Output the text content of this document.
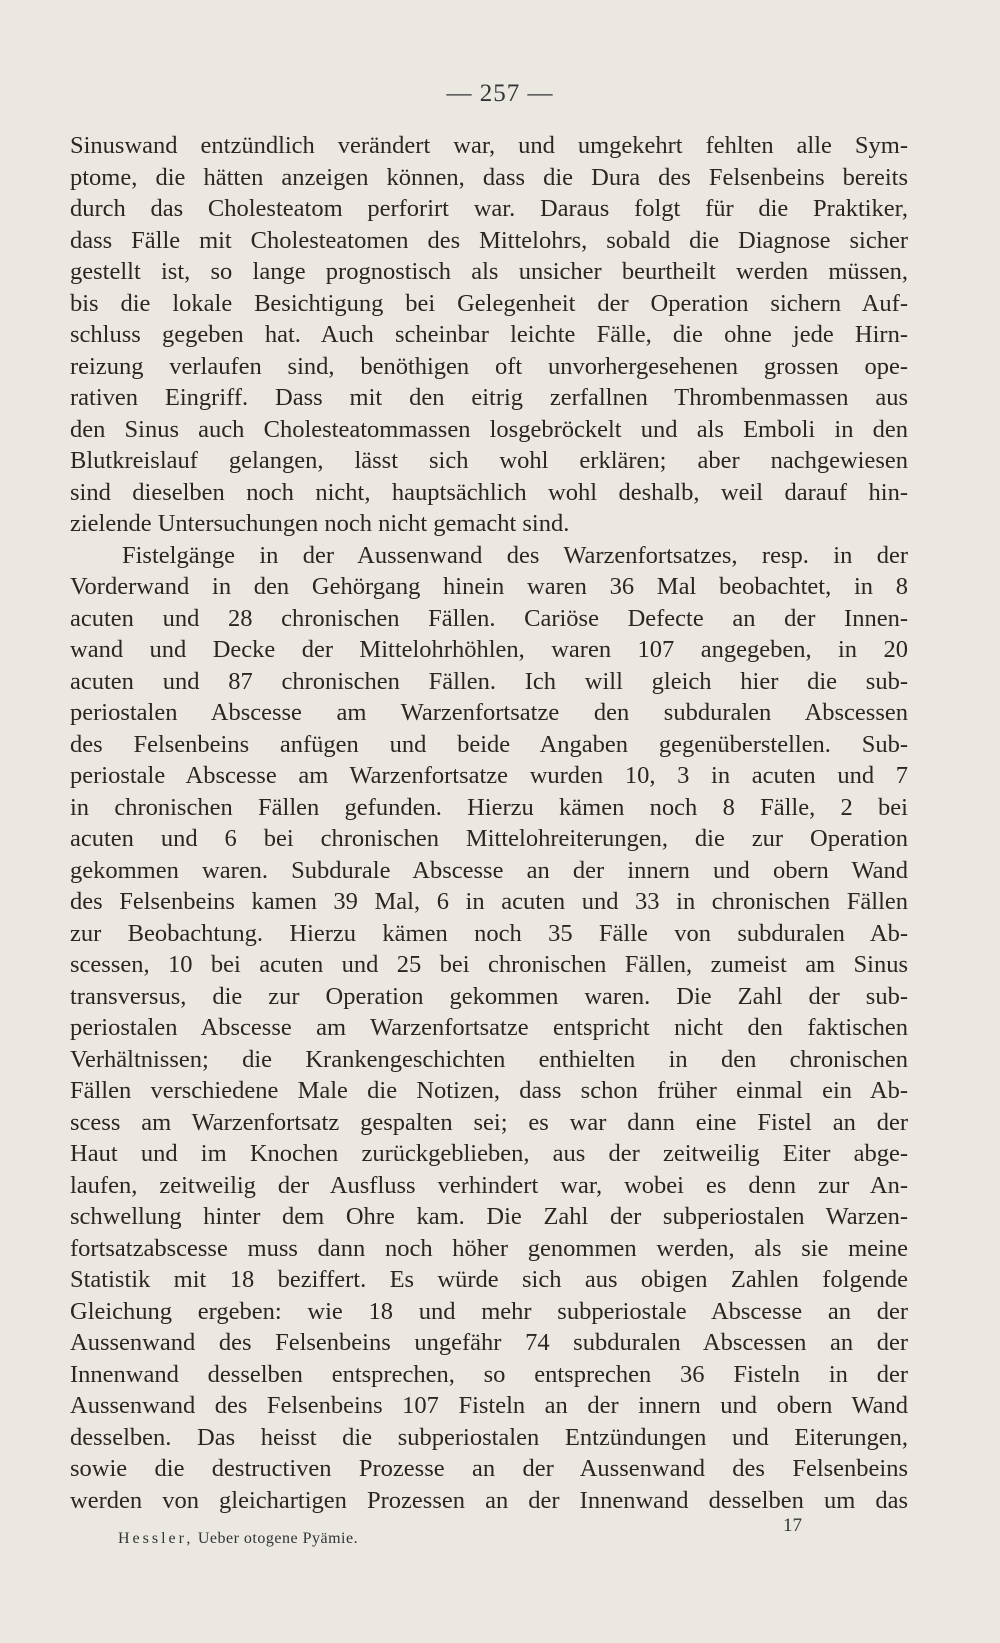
— 257 —
Sinuswand entzündlich verändert war, und umgekehrt fehlten alle Sym-
ptome, die hätten anzeigen können, dass die Dura des Felsenbeins bereits
durch das Cholesteatom perforirt war. Daraus folgt für die Praktiker,
dass Fälle mit Cholesteatomen des Mittelohrs, sobald die Diagnose sicher
gestellt ist, so lange prognostisch als unsicher beurtheilt werden müssen,
bis die lokale Besichtigung bei Gelegenheit der Operation sichern Auf-
schluss gegeben hat. Auch scheinbar leichte Fälle, die ohne jede Hirn-
reizung verlaufen sind, benöthigen oft unvorhergesehenen grossen ope-
rativen Eingriff. Dass mit den eitrig zerfallnen Thrombenmassen aus
den Sinus auch Cholesteatommassen losgebröckelt und als Emboli in den
Blutkreislauf gelangen, lässt sich wohl erklären; aber nachgewiesen
sind dieselben noch nicht, hauptsächlich wohl deshalb, weil darauf hin-
zielende Untersuchungen noch nicht gemacht sind.
Fistelgänge in der Aussenwand des Warzenfortsatzes, resp. in der
Vorderwand in den Gehörgang hinein waren 36 Mal beobachtet, in 8
acuten und 28 chronischen Fällen. Cariöse Defecte an der Innen-
wand und Decke der Mittelohrhöhlen, waren 107 angegeben, in 20
acuten und 87 chronischen Fällen. Ich will gleich hier die sub-
periostalen Abscesse am Warzenfortsatze den subduralen Abscessen
des Felsenbeins anfügen und beide Angaben gegenüberstellen. Sub-
periostale Abscesse am Warzenfortsatze wurden 10, 3 in acuten und 7
in chronischen Fällen gefunden. Hierzu kämen noch 8 Fälle, 2 bei
acuten und 6 bei chronischen Mittelohreiterungen, die zur Operation
gekommen waren. Subdurale Abscesse an der innern und obern Wand
des Felsenbeins kamen 39 Mal, 6 in acuten und 33 in chronischen Fällen
zur Beobachtung. Hierzu kämen noch 35 Fälle von subduralen Ab-
scessen, 10 bei acuten und 25 bei chronischen Fällen, zumeist am Sinus
transversus, die zur Operation gekommen waren. Die Zahl der sub-
periostalen Abscesse am Warzenfortsatze entspricht nicht den faktischen
Verhältnissen; die Krankengeschichten enthielten in den chronischen
Fällen verschiedene Male die Notizen, dass schon früher einmal ein Ab-
scess am Warzenfortsatz gespalten sei; es war dann eine Fistel an der
Haut und im Knochen zurückgeblieben, aus der zeitweilig Eiter abge-
laufen, zeitweilig der Ausfluss verhindert war, wobei es denn zur An-
schwellung hinter dem Ohre kam. Die Zahl der subperiostalen Warzen-
fortsatzabscesse muss dann noch höher genommen werden, als sie meine
Statistik mit 18 beziffert. Es würde sich aus obigen Zahlen folgende
Gleichung ergeben: wie 18 und mehr subperiostale Abscesse an der
Aussenwand des Felsenbeins ungefähr 74 subduralen Abscessen an der
Innenwand desselben entsprechen, so entsprechen 36 Fisteln in der
Aussenwand des Felsenbeins 107 Fisteln an der innern und obern Wand
desselben. Das heisst die subperiostalen Entzündungen und Eiterungen,
sowie die destructiven Prozesse an der Aussenwand des Felsenbeins
werden von gleichartigen Prozessen an der Innenwand desselben um das
17
Hessler, Ueber otogene Pyämie.
